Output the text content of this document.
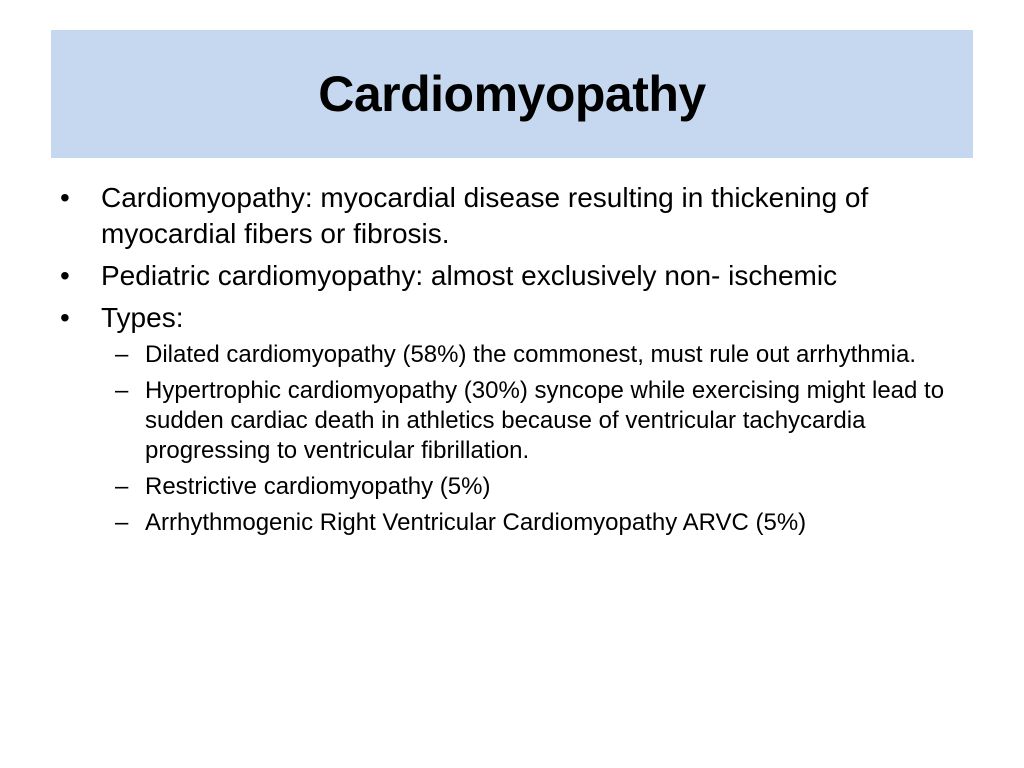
Cardiomyopathy
• Cardiomyopathy: myocardial disease resulting in thickening of myocardial fibers or fibrosis.
• Pediatric cardiomyopathy: almost exclusively non- ischemic
• Types:
– Dilated cardiomyopathy (58%) the commonest, must rule out arrhythmia.
– Hypertrophic cardiomyopathy (30%) syncope while exercising might lead to sudden cardiac death in athletics because of ventricular tachycardia progressing to ventricular fibrillation.
– Restrictive cardiomyopathy (5%)
– Arrhythmogenic Right Ventricular Cardiomyopathy ARVC (5%)
